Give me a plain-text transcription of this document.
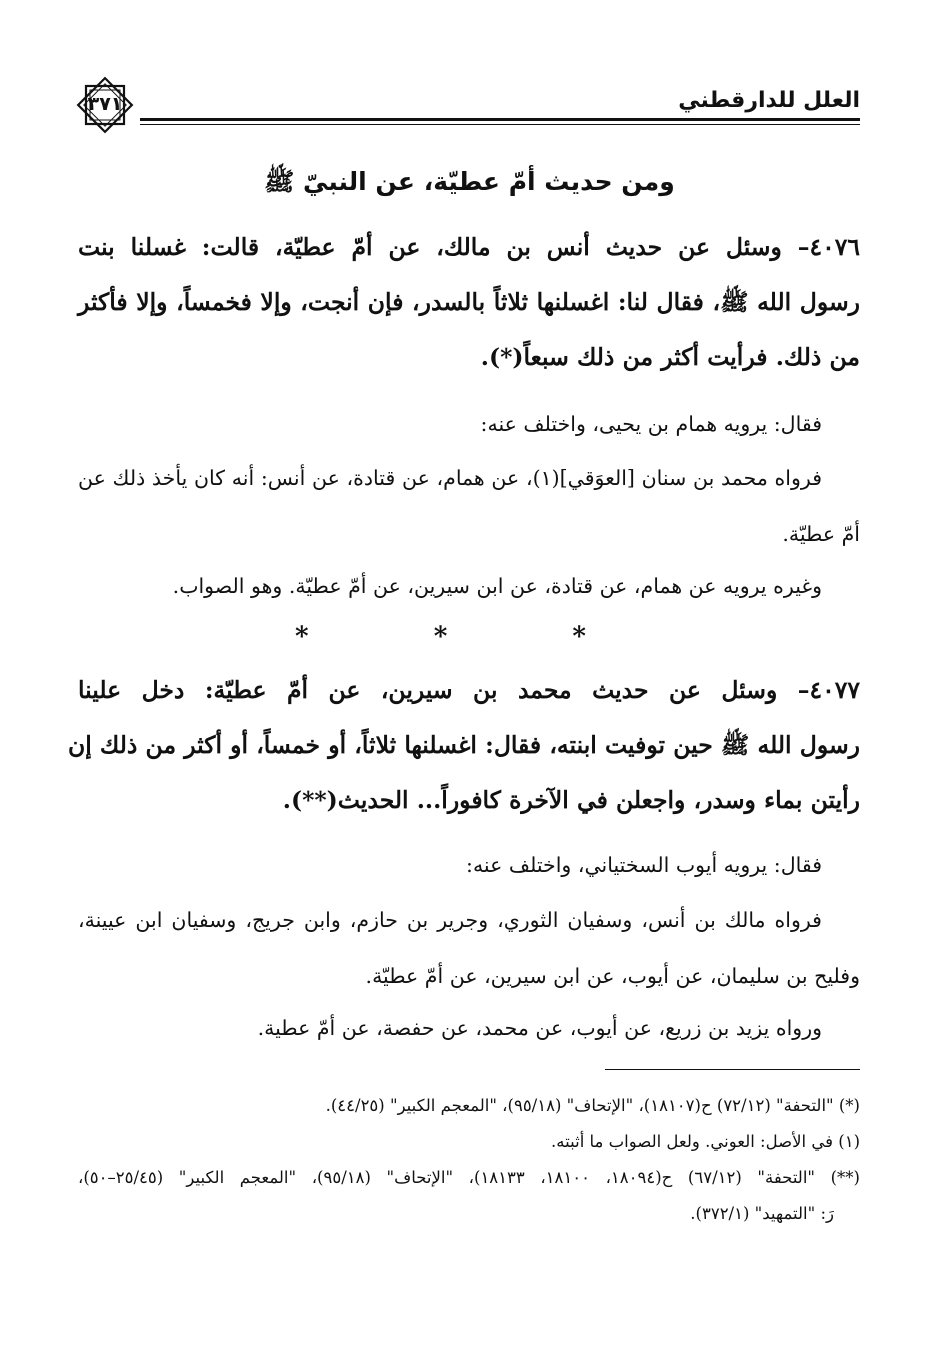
العلل للدارقطني
٣٧١
ومن حديث أمّ عطيّة، عن النبيّ ﷺ
٤٠٧٦– وسئل عن حديث أنس بن مالك، عن أمّ عطيّة، قالت: غسلنا بنت
رسول الله ﷺ، فقال لنا: اغسلنها ثلاثاً بالسدر، فإن أنجت، وإلا فخمساً، وإلا فأكثر
من ذلك. فرأيت أكثر من ذلك سبعاً(*).
فقال: يرويه همام بن يحيى، واختلف عنه:
فرواه محمد بن سنان [العوَقي](١)، عن همام، عن قتادة، عن أنس: أنه كان يأخذ ذلك عن أمّ عطيّة.
وغيره يرويه عن همام، عن قتادة، عن ابن سيرين، عن أمّ عطيّة. وهو الصواب.
* * *
٤٠٧٧– وسئل عن حديث محمد بن سيرين، عن أمّ عطيّة: دخل علينا
رسول الله ﷺ حين توفيت ابنته، فقال: اغسلنها ثلاثاً، أو خمساً، أو أكثر من ذلك إن
رأيتن بماء وسدر، واجعلن في الآخرة كافوراً... الحديث(**).
فقال: يرويه أيوب السختياني، واختلف عنه:
فرواه مالك بن أنس، وسفيان الثوري، وجرير بن حازم، وابن جريج، وسفيان ابن عيينة، وفليح بن سليمان، عن أيوب، عن ابن سيرين، عن أمّ عطيّة.
ورواه يزيد بن زريع، عن أيوب، عن محمد، عن حفصة، عن أمّ عطية.
(*) "التحفة" (٧٢/١٢) ح(١٨١٠٧)، "الإتحاف" (٩٥/١٨)، "المعجم الكبير" (٤٤/٢٥).
(١) في الأصل: العوني. ولعل الصواب ما أثبته.
(**) "التحفة" (٦٧/١٢) ح(١٨٠٩٤، ١٨١٠٠، ١٨١٣٣)، "الإتحاف" (٩٥/١٨)، "المعجم الكبير" (٢٥/٤٥–٥٠)،
رَ: "التمهيد" (٣٧٢/١).
